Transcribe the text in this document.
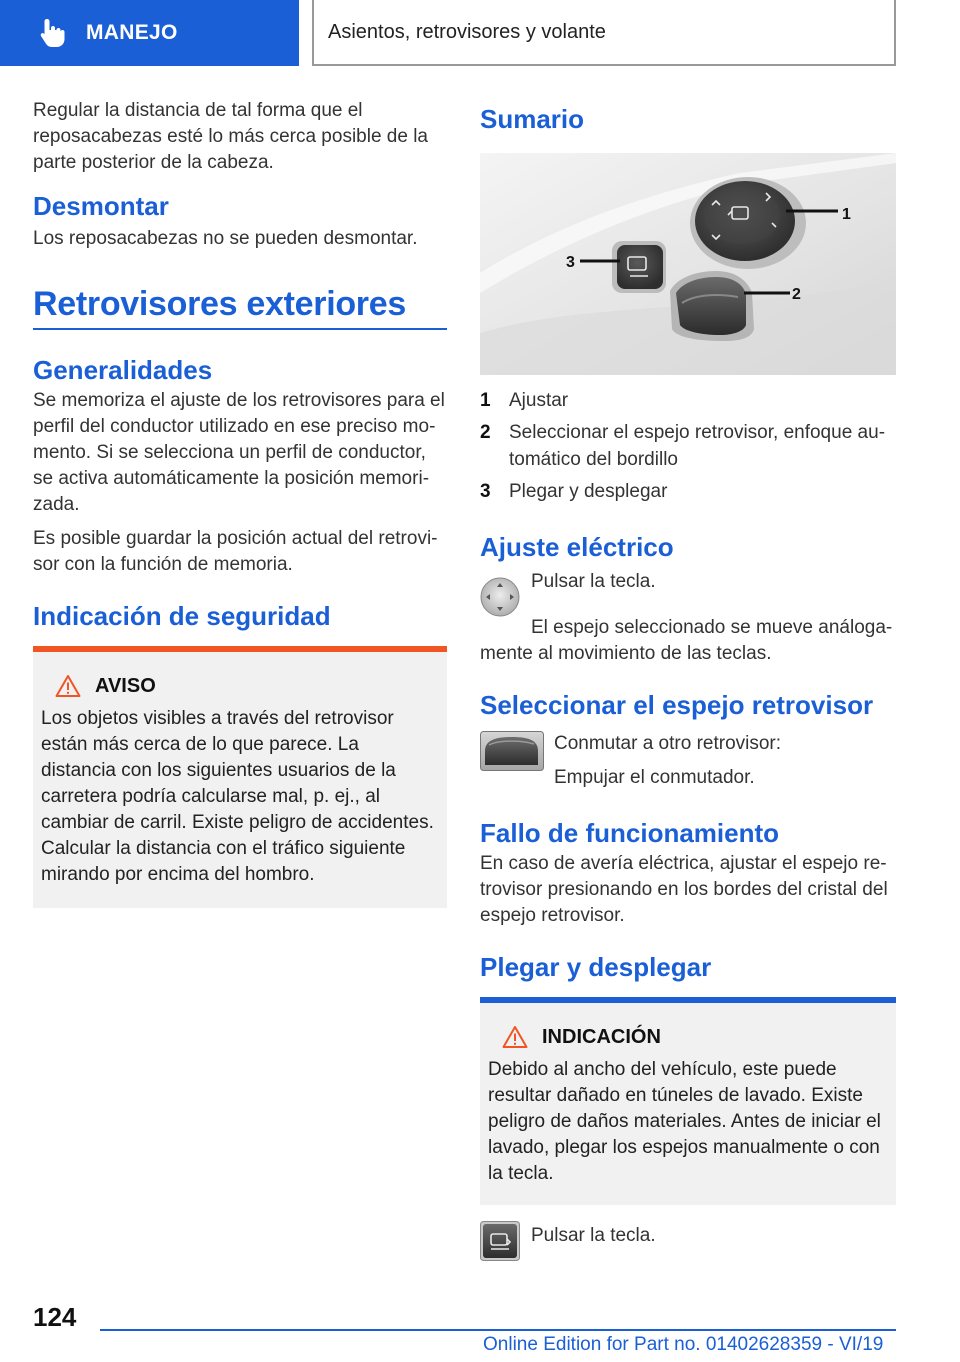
MANEJO	Asientos, retrovisores y volante

Regular la distancia de tal forma que el reposacabezas esté lo más cerca posible de la parte posterior de la cabeza.

Desmontar

Los reposacabezas no se pueden desmontar.

Retrovisores exteriores
Generalidades

Se memoriza el ajuste de los retrovisores para el perfil del conductor utilizado en ese preciso momento. Si se selecciona un perfil de conductor, se activa automáticamente la posición memorizada.

Es posible guardar la posición actual del retrovisor con la función de memoria.

Indicación de seguridad
AVISO

Los objetos visibles a través del retrovisor están más cerca de lo que parece. La distancia con los siguientes usuarios de la carretera podría calcularse mal, p. ej., al cambiar de carril. Existe peligro de accidentes. Calcular la distancia con el tráfico siguiente mirando por encima del hombro.

Sumario
1
3
2
1 Ajustar
2 Seleccionar el espejo retrovisor, enfoque automático del bordillo
3 Plegar y desplegar
Ajuste eléctrico

Pulsar la tecla.

El espejo seleccionado se mueve análogamente al movimiento de las teclas.

Seleccionar el espejo retrovisor

Conmutar a otro retrovisor:

Empujar el conmutador.

Fallo de funcionamiento

En caso de avería eléctrica, ajustar el espejo retrovisor presionando en los bordes del cristal del espejo retrovisor.

Plegar y desplegar
INDICACIÓN

Debido al ancho del vehículo, este puede resultar dañado en túneles de lavado. Existe peligro de daños materiales. Antes de iniciar el lavado, plegar los espejos manualmente o con la tecla.

Pulsar la tecla.

124
Online Edition for Part no. 01402628359 - VI/19
